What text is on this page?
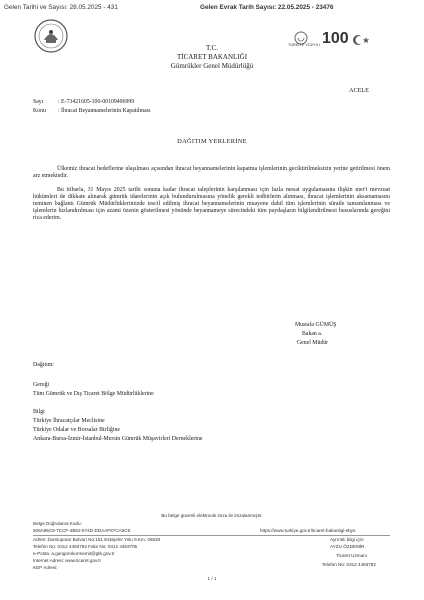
Gelen Tarihi ve Sayısı: 28.05.2025 - 431	Gelen Evrak Tarih Sayısı: 22.05.2025 - 23476
TÜRKİYE YÜZYILI 100
T.C.
TİCARET BAKANLIĞI
Gümrükler Genel Müdürlüğü
ACELE
Sayı	: E-73421605-100-00109496999
Konu : İhracat Beyannamelerinin Kapatılması
DAĞITIM YERLERİNE
Ülkemiz ihracat hedeflerine ulaşılması açısından ihracat beyannamelerinin kapatma işlemlerinin geciktirilmeksizin yerine getirilmesi önem arz etmektedir.
Bu itibarla, 31 Mayıs 2025 tarihi sonuna kadar ihracat taleplerinin karşılanması için fazla mesai uygulamasına ilişkin mer'i mevzuat hükümleri de dikkate alınarak gümrük idarelerinin açık bulundurulmasına yönelik gerekli tedbirlerin alınması, ihracat işlemlerinin aksamamasını teminen bağlantı Gümrük Müdürlüklerimizde tescil edilmiş ihracat beyannamelerinin muayene dahil tüm işlemlerinin süratle tamamlanması ve işlemlerin hızlandırılması için azami özenin gösterilmesi yönünde beyannameye sürecindeki tüm paydaşların bilgilendirilmesi hususlarında gereğini rica ederim.
Mustafa GÜMÜŞ
Bakan a.
Genel Müdür
Dağıtım:
Gereği
Tüm Gümrük ve Dış Ticaret Bölge Müdürlüklerine
Bilgi
Türkiye İhracatçılar Meclisine
Türkiye Odalar ve Borsalar Birliğine
Ankara-Bursa-İzmir-İstanbul-Mersin Gümrük Müşavirleri Derneklerine
Bu belge güvenli elektronik imza ile imzalanmıştır.
Belge Doğrulama Kodu:
506A95C8-7CCF-4B52-874D-DDAAF87CA5CE	https://www.turkiye.gov.tr/ticaret-bakanligi-ebys
Adres: Dumlupınar Bulvarı No:151 Eskişehir Yolu 9.Km. 06530
Telefon No: 0312 4493782 Faks No: 0312 4493705
e-Posta: a.gungorokurmemit@gtb.gov.tr
İnternet Adresi: www.ticaret.gov.tr
KEP Adresi:
Ayrıntılı bilgi için:
AYZU ÖZDEMİR
Ticaret Uzmanı
Telefon No: 0312 4493782
1 / 1
